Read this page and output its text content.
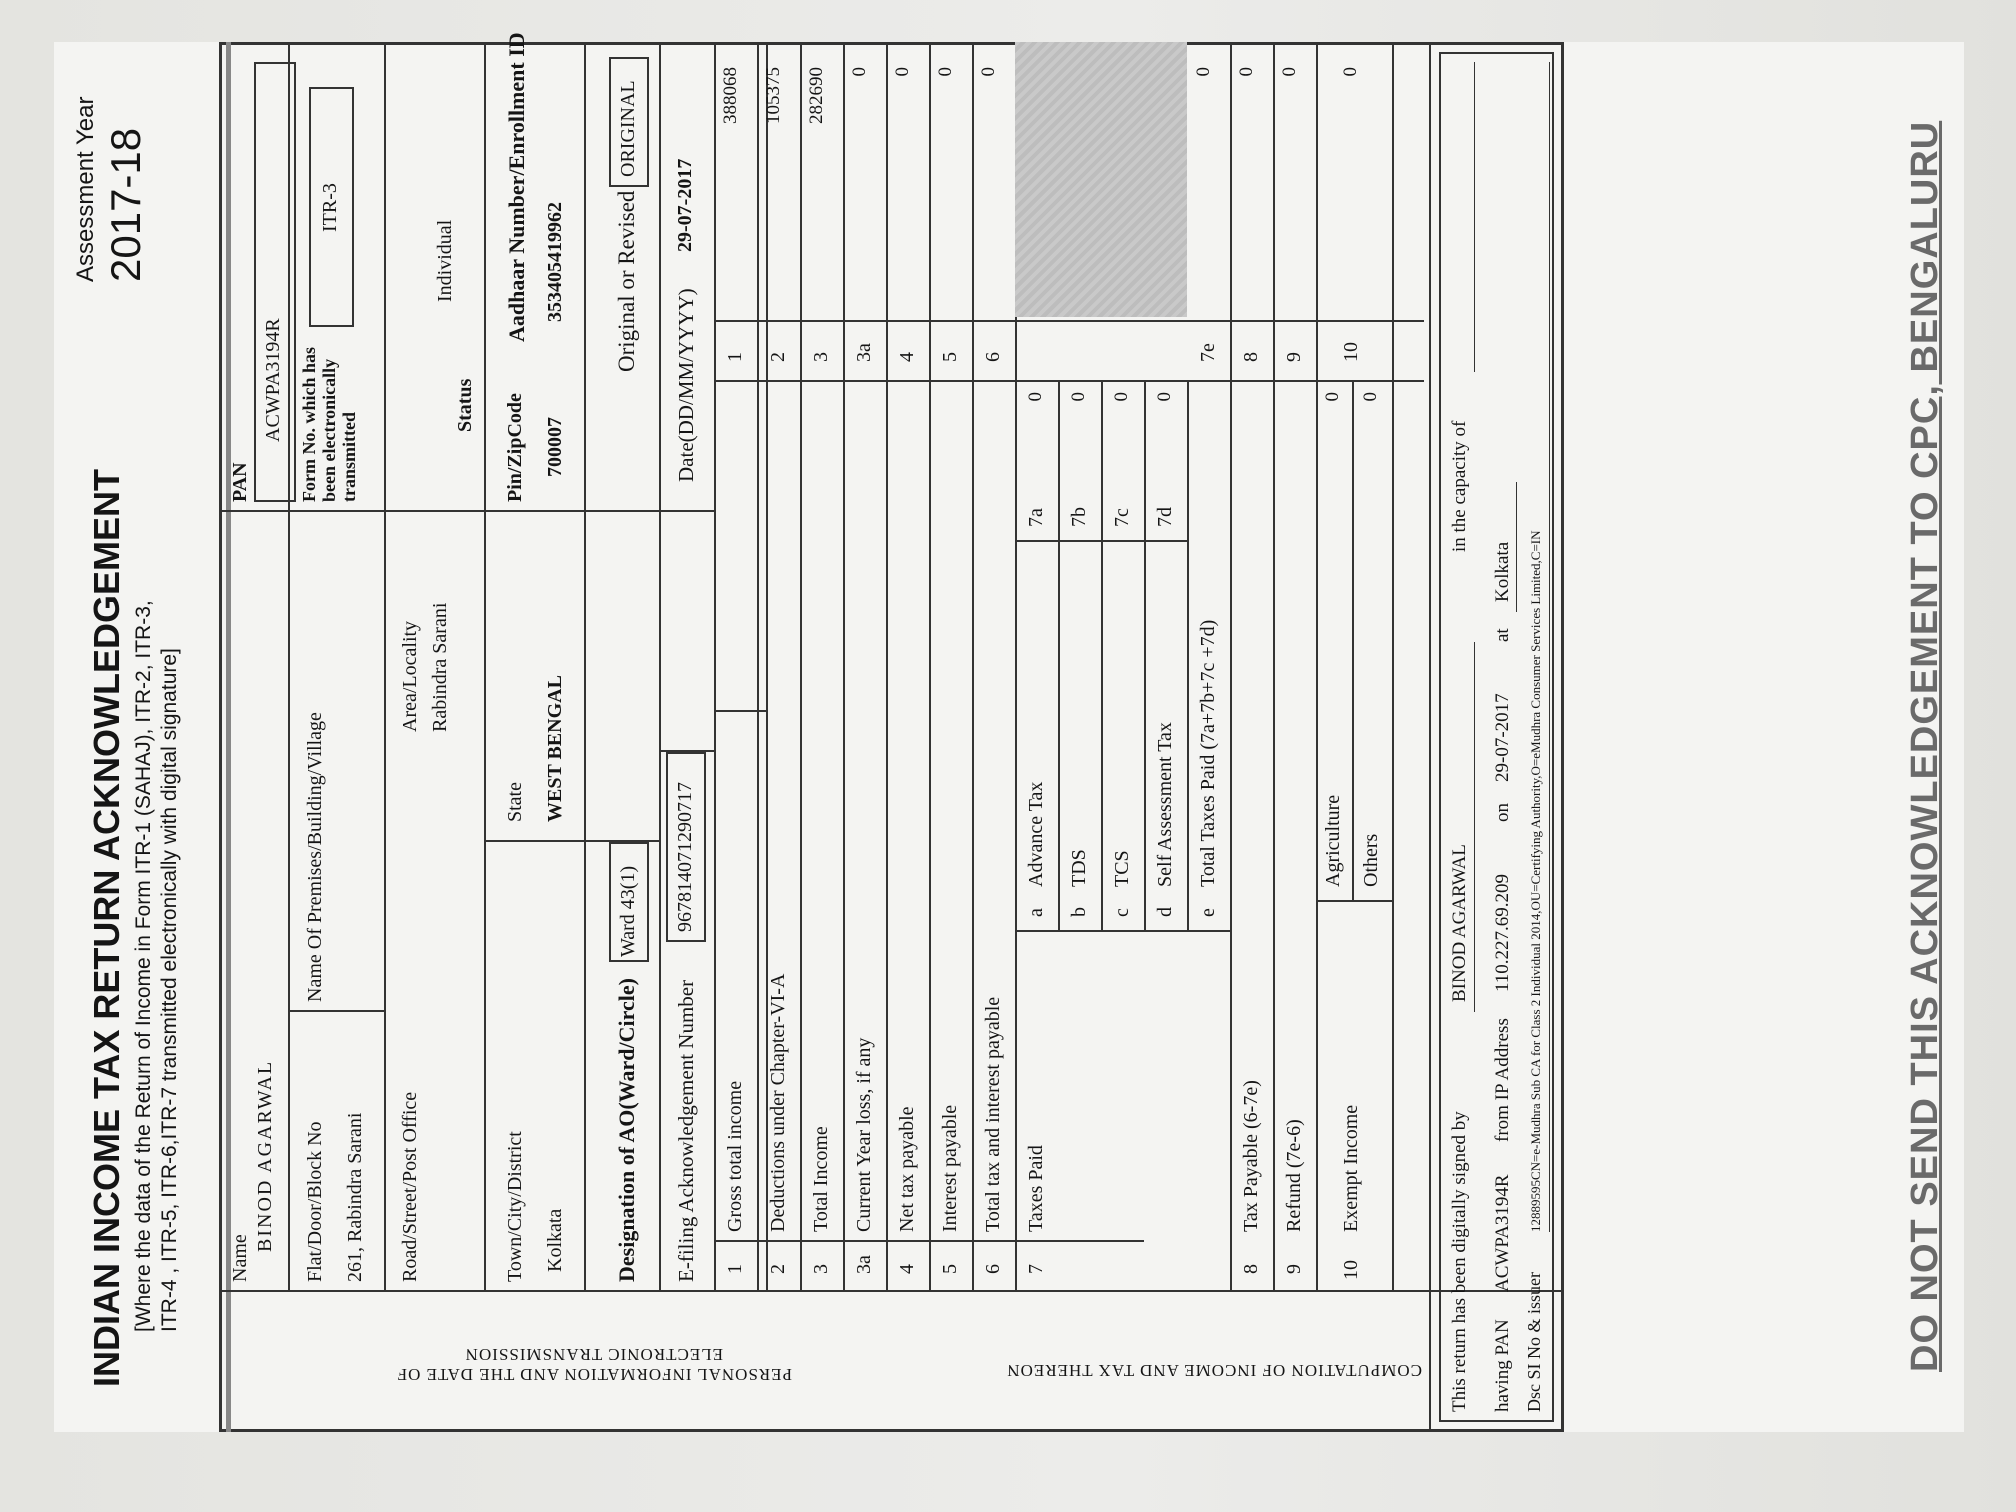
INDIAN INCOME TAX RETURN ACKNOWLEDGEMENT [Where the data of the Return of Income in Form ITR-1 (SAHAJ), ITR-2, ITR-3, ITR-4 , ITR-5, ITR-6,ITR-7 transmitted electronically with digital signature]
Assessment Year 2017-18
PERSONAL INFORMATION AND THE DATE OF ELECTRONIC TRANSMISSION
COMPUTATION OF INCOME AND TAX THEREON
Name
BINOD AGARWAL
PAN
ACWPA3194R
Flat/Door/Block No 261, Rabindra Sarani
Name Of Premises/Building/Village
Form No. which has been electronically transmitted
ITR-3
Road/Street/Post Office
Area/Locality Rabindra Sarani
Status
Individual
Town/City/District Kolkata
State WEST BENGAL
Pin/ZipCode 700007
Aadhaar Number/Enrollment ID 353405419962
Designation of AO(Ward/Circle)
Ward 43(1)
Original or Revised
ORIGINAL
E-filing Acknowledgement Number
967814071290717
Date(DD/MM/YYYY)
29-07-2017
1
Gross total income
1
388068
2
Deductions under Chapter-VI-A
2
105375
3
Total Income
3
282690
3a
Current Year loss, if any
3a
0
4
Net tax payable
4
0
5
Interest payable
5
0
6
Total tax and interest payable
6
0
7
Taxes Paid
a
Advance Tax
7a
0
b
TDS
7b
0
c
TCS
7c
0
d
Self Assessment Tax
7d
0
e
Total Taxes Paid (7a+7b+7c +7d)
7e
0
8
Tax Payable (6-7e)
8
0
9
Refund (7e-6)
9
0
10
Exempt Income
Agriculture
0
Others
0
10
0
This return has been digitally signed by
BINOD AGARWAL
in the capacity of
having PAN
ACWPA3194R
from IP Address
110.227.69.209
on
29-07-2017
at
Kolkata
Dsc SI No & issuer
12889595CN=e-Mudhra Sub CA for Class 2 Individual 2014,OU=Certifying Authority,O=eMudhra Consumer Services Limited,C=IN	DO NOT SEND THIS ACKNOWLEDGEMENT TO CPC, BENGALURU
